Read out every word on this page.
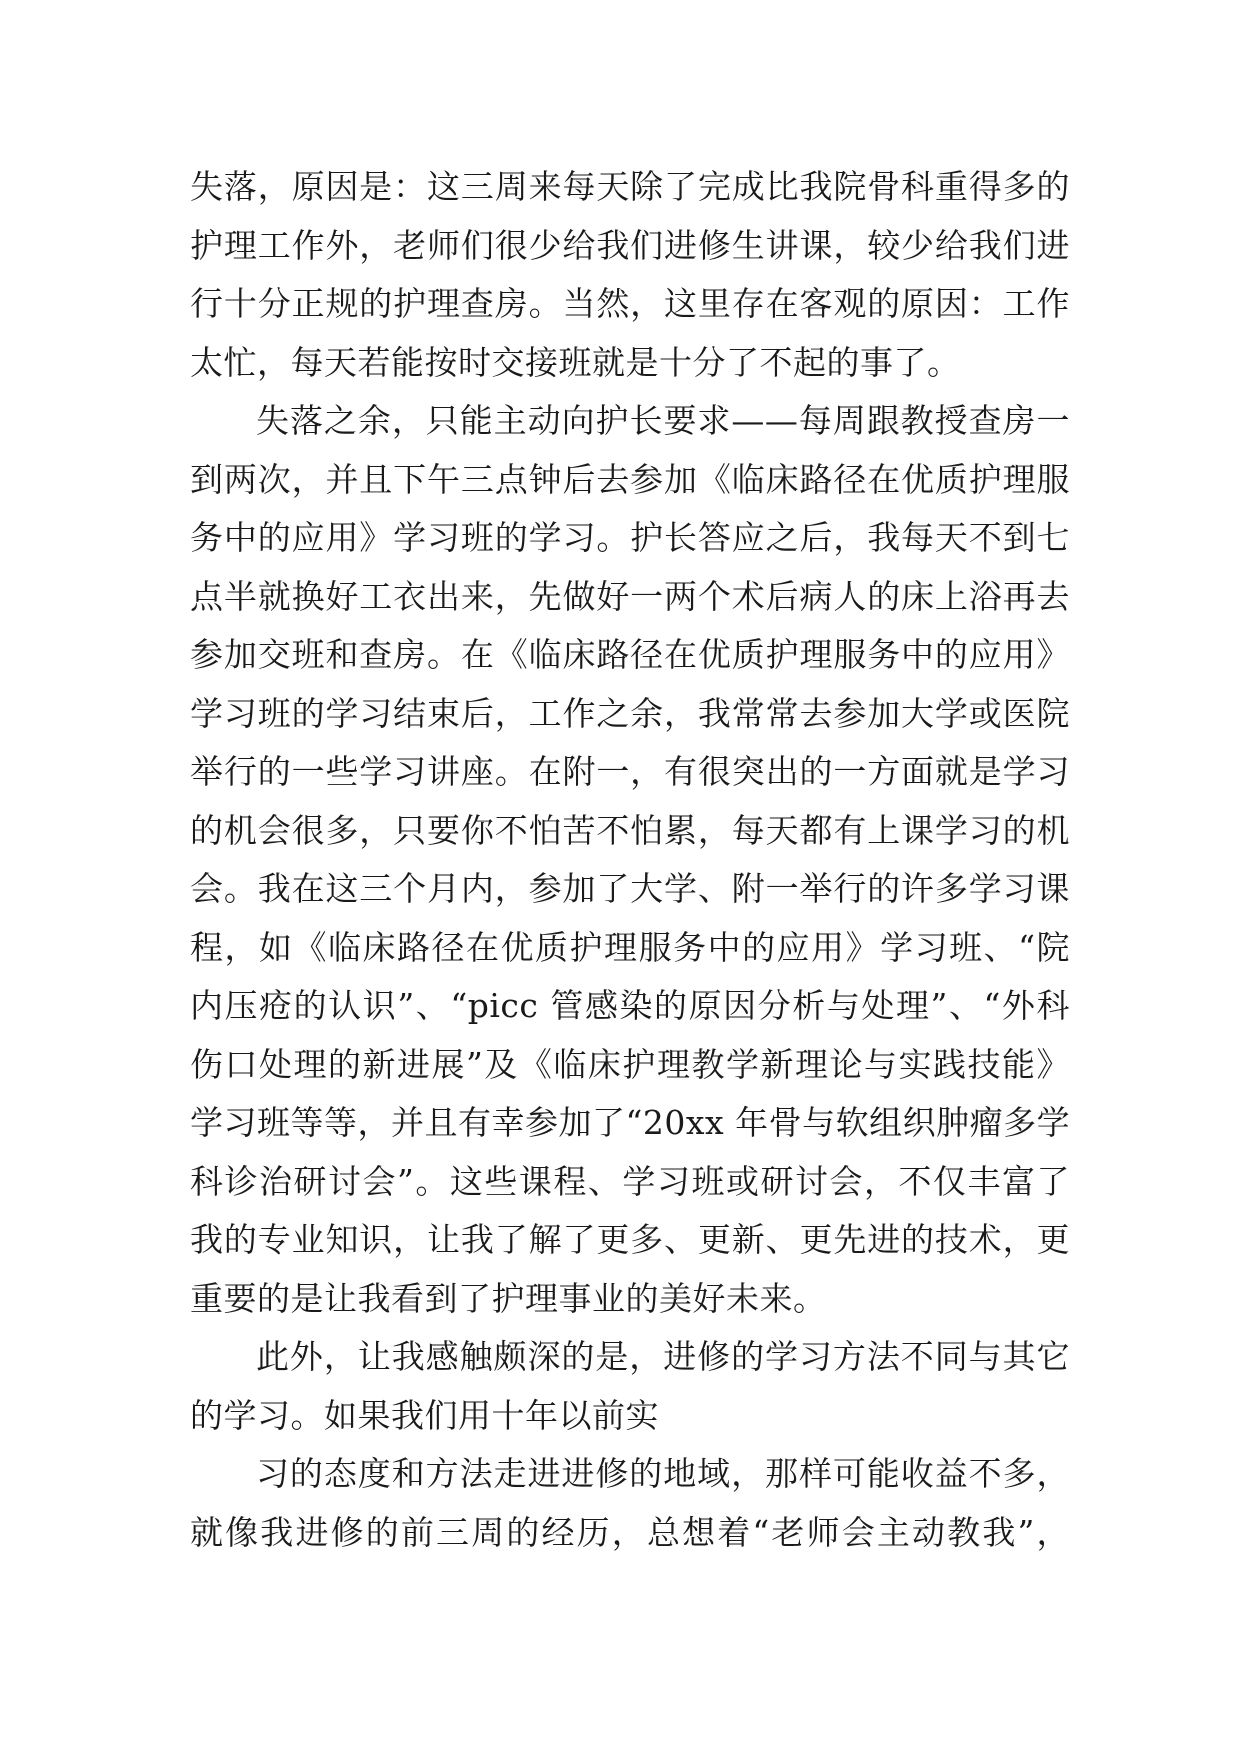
失落，原因是：这三周来每天除了完成比我院骨科重得多的
护理工作外，老师们很少给我们进修生讲课，较少给我们进
行十分正规的护理查房。当然，这里存在客观的原因：工作
太忙，每天若能按时交接班就是十分了不起的事了。
失落之余，只能主动向护长要求——每周跟教授查房一
到两次，并且下午三点钟后去参加《临床路径在优质护理服
务中的应用》学习班的学习。护长答应之后，我每天不到七
点半就换好工衣出来，先做好一两个术后病人的床上浴再去
参加交班和查房。在《临床路径在优质护理服务中的应用》
学习班的学习结束后，工作之余，我常常去参加大学或医院
举行的一些学习讲座。在附一，有很突出的一方面就是学习
的机会很多，只要你不怕苦不怕累，每天都有上课学习的机
会。我在这三个月内，参加了大学、附一举行的许多学习课
程，如《临床路径在优质护理服务中的应用》学习班、“院
内压疮的认识”、“picc 管感染的原因分析与处理”、“外科
伤口处理的新进展”及《临床护理教学新理论与实践技能》
学习班等等，并且有幸参加了“20xx 年骨与软组织肿瘤多学
科诊治研讨会”。这些课程、学习班或研讨会，不仅丰富了
我的专业知识，让我了解了更多、更新、更先进的技术，更
重要的是让我看到了护理事业的美好未来。
此外，让我感触颇深的是，进修的学习方法不同与其它
的学习。如果我们用十年以前实
习的态度和方法走进进修的地域，那样可能收益不多，
就像我进修的前三周的经历，总想着“老师会主动教我”，
